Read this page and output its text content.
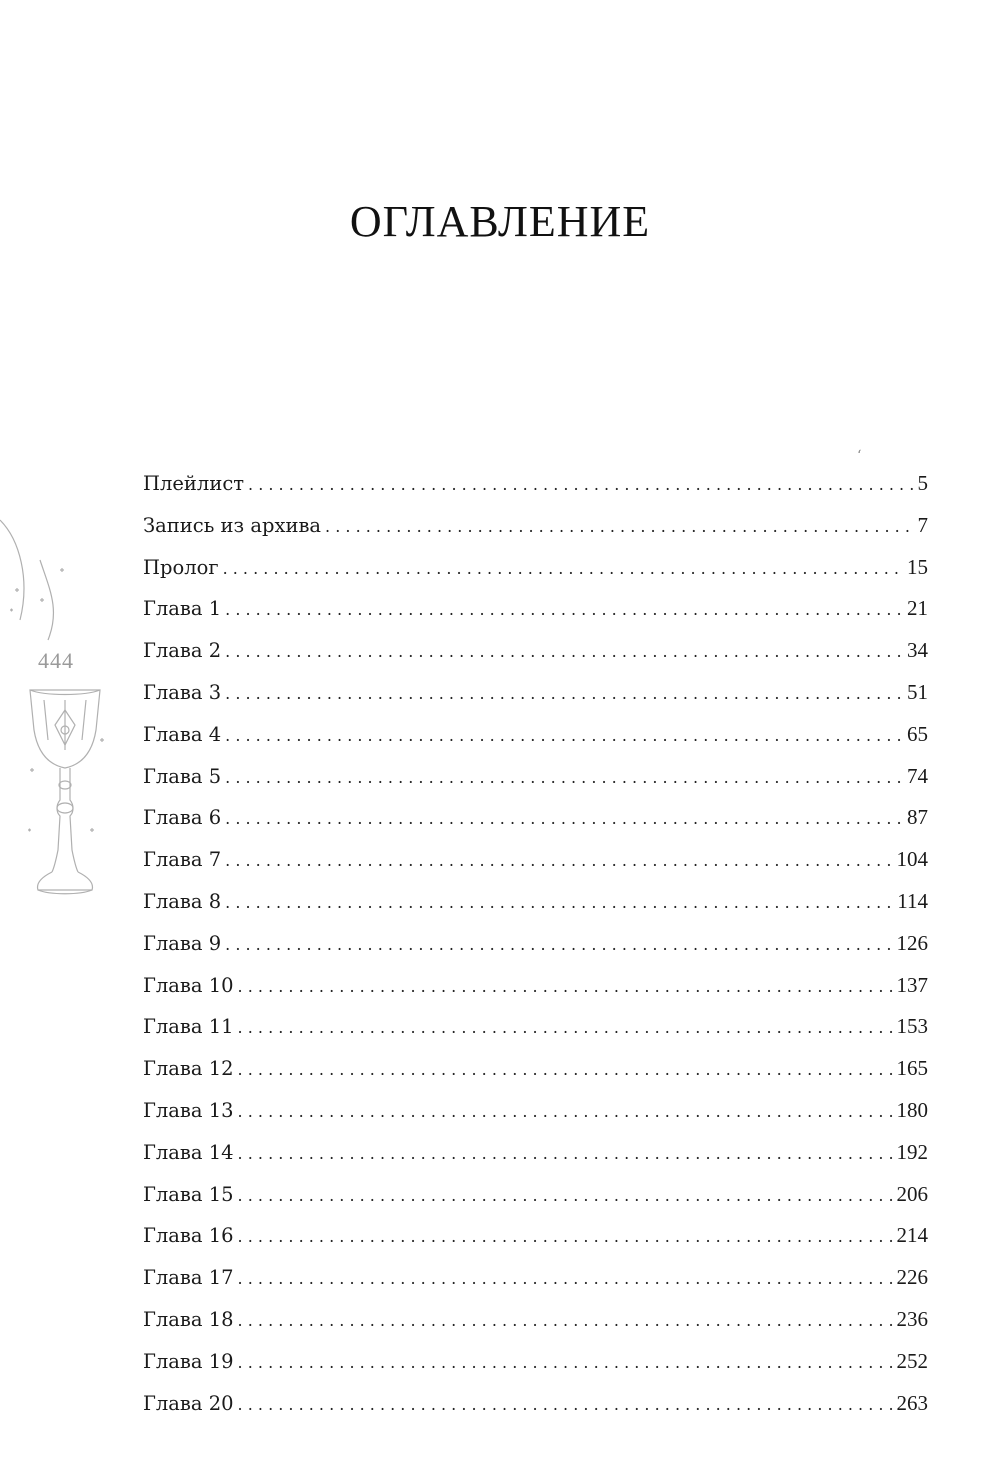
ОГЛАВЛЕНИЕ
444
‘
Плейлист . . .	5
Запись из архива . . .	7
Пролог . . .	15
Глава 1 . . .	21
Глава 2 . . .	34
Глава 3 . . .	51
Глава 4 . . .	65
Глава 5 . . .	74
Глава 6 . . .	87
Глава 7 . . .	104
Глава 8 . . .	114
Глава 9 . . .	126
Глава 10 . . .	137
Глава 11 . . .	153
Глава 12 . . .	165
Глава 13 . . .	180
Глава 14 . . .	192
Глава 15 . . .	206
Глава 16 . . .	214
Глава 17 . . .	226
Глава 18 . . .	236
Глава 19 . . .	252
Глава 20 . . .	263
